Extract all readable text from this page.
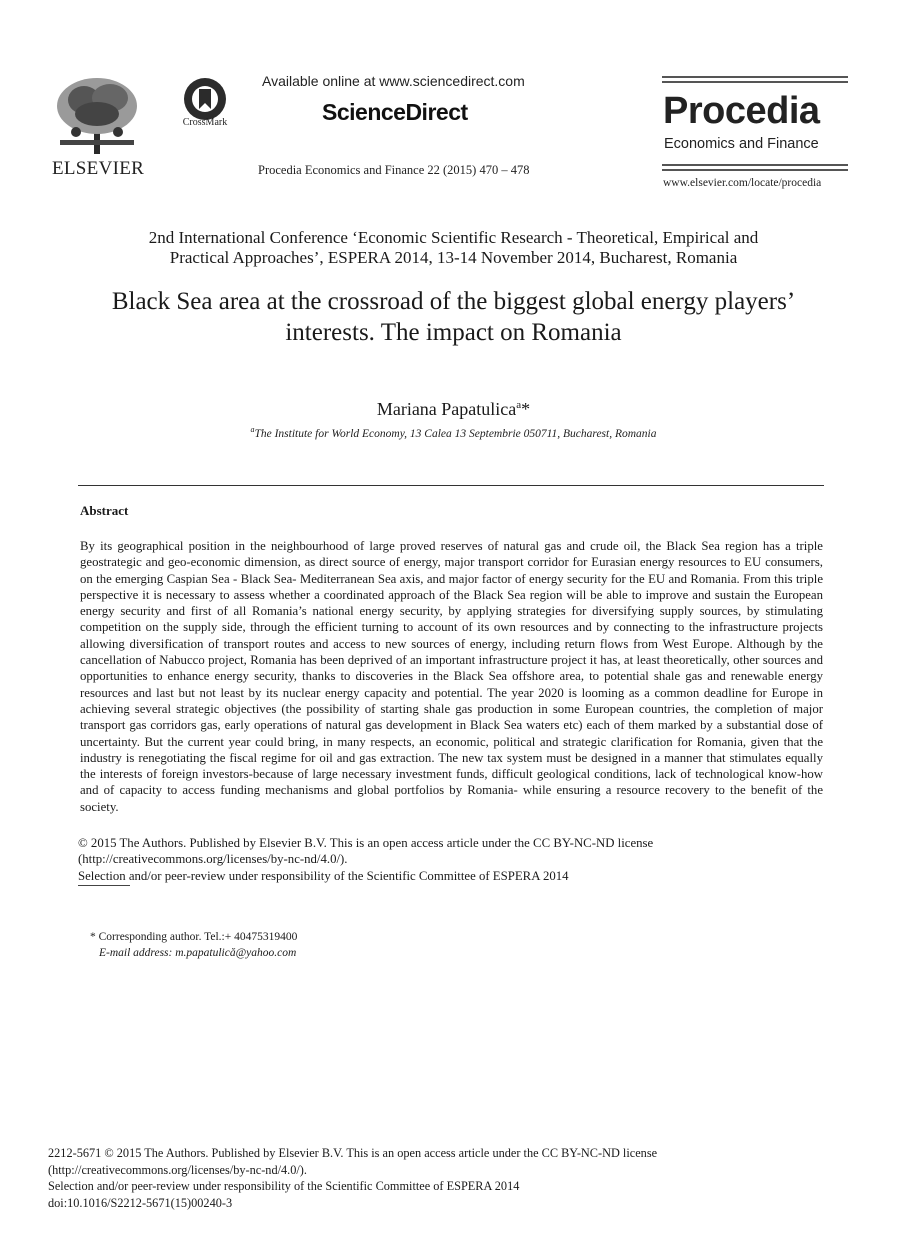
ELSEVIER
CrossMark
Available online at www.sciencedirect.com
ScienceDirect
Procedia Economics and Finance 22 (2015) 470 – 478
Procedia
Economics and Finance
www.elsevier.com/locate/procedia
2nd International Conference ‘Economic Scientific Research - Theoretical, Empirical and
Practical Approaches’, ESPERA 2014, 13-14 November 2014, Bucharest, Romania
Black Sea area at the crossroad of the biggest global energy players’
interests. The impact on Romania
Mariana Papatulica$^a$*
$^a$The Institute for World Economy, 13 Calea 13 Septembrie 050711, Bucharest, Romania
Abstract
By its geographical position in the neighbourhood of large proved reserves of natural gas and crude oil, the Black Sea region has a triple geostrategic and geo-economic dimension, as direct source of energy, major transport corridor for Eurasian energy resources to EU consumers, on the emerging Caspian Sea - Black Sea- Mediterranean Sea axis, and major factor of energy security for the EU and Romania. From this triple perspective it is necessary to assess whether a coordinated approach of the Black Sea region will be able to improve and sustain the European energy security and first of all Romania’s national energy security, by applying strategies for diversifying supply sources, by stimulating competition on the supply side, through the efficient turning to account of its own resources and by connecting to the infrastructure projects allowing diversification of transport routes and access to new sources of energy, including return flows from West Europe. Although by the cancellation of Nabucco project, Romania has been deprived of an important infrastructure project it has, at least theoretically, other sources and opportunities to enhance energy security, thanks to discoveries in the Black Sea offshore area, to potential shale gas and renewable energy resources and last but not least by its nuclear energy capacity and potential. The year 2020 is looming as a common deadline for Europe in achieving several strategic objectives (the possibility of starting shale gas production in some European countries, the completion of major transport gas corridors gas, early operations of natural gas development in Black Sea waters etc) each of them marked by a substantial dose of uncertainty. But the current year could bring, in many respects, an economic, political and strategic clarification for Romania, given that the industry is renegotiating the fiscal regime for oil and gas extraction. The new tax system must be designed in a manner that stimulates equally the interests of foreign investors-because of large necessary investment funds, difficult geological conditions, lack of technological know-how and of capacity to access funding mechanisms and global portfolios by Romania- while ensuring a resource recovery to the benefit of the society.
© 2015 The Authors. Published by Elsevier B.V. This is an open access article under the CC BY-NC-ND license
(http://creativecommons.org/licenses/by-nc-nd/4.0/).
Selection and/or peer-review under responsibility of the Scientific Committee of ESPERA 2014
* Corresponding author. Tel.:+ 40475319400
E-mail address: m.papatulică@yahoo.com
2212-5671 © 2015 The Authors. Published by Elsevier B.V. This is an open access article under the CC BY-NC-ND license
(http://creativecommons.org/licenses/by-nc-nd/4.0/).
Selection and/or peer-review under responsibility of the Scientific Committee of ESPERA 2014
doi:10.1016/S2212-5671(15)00240-3
